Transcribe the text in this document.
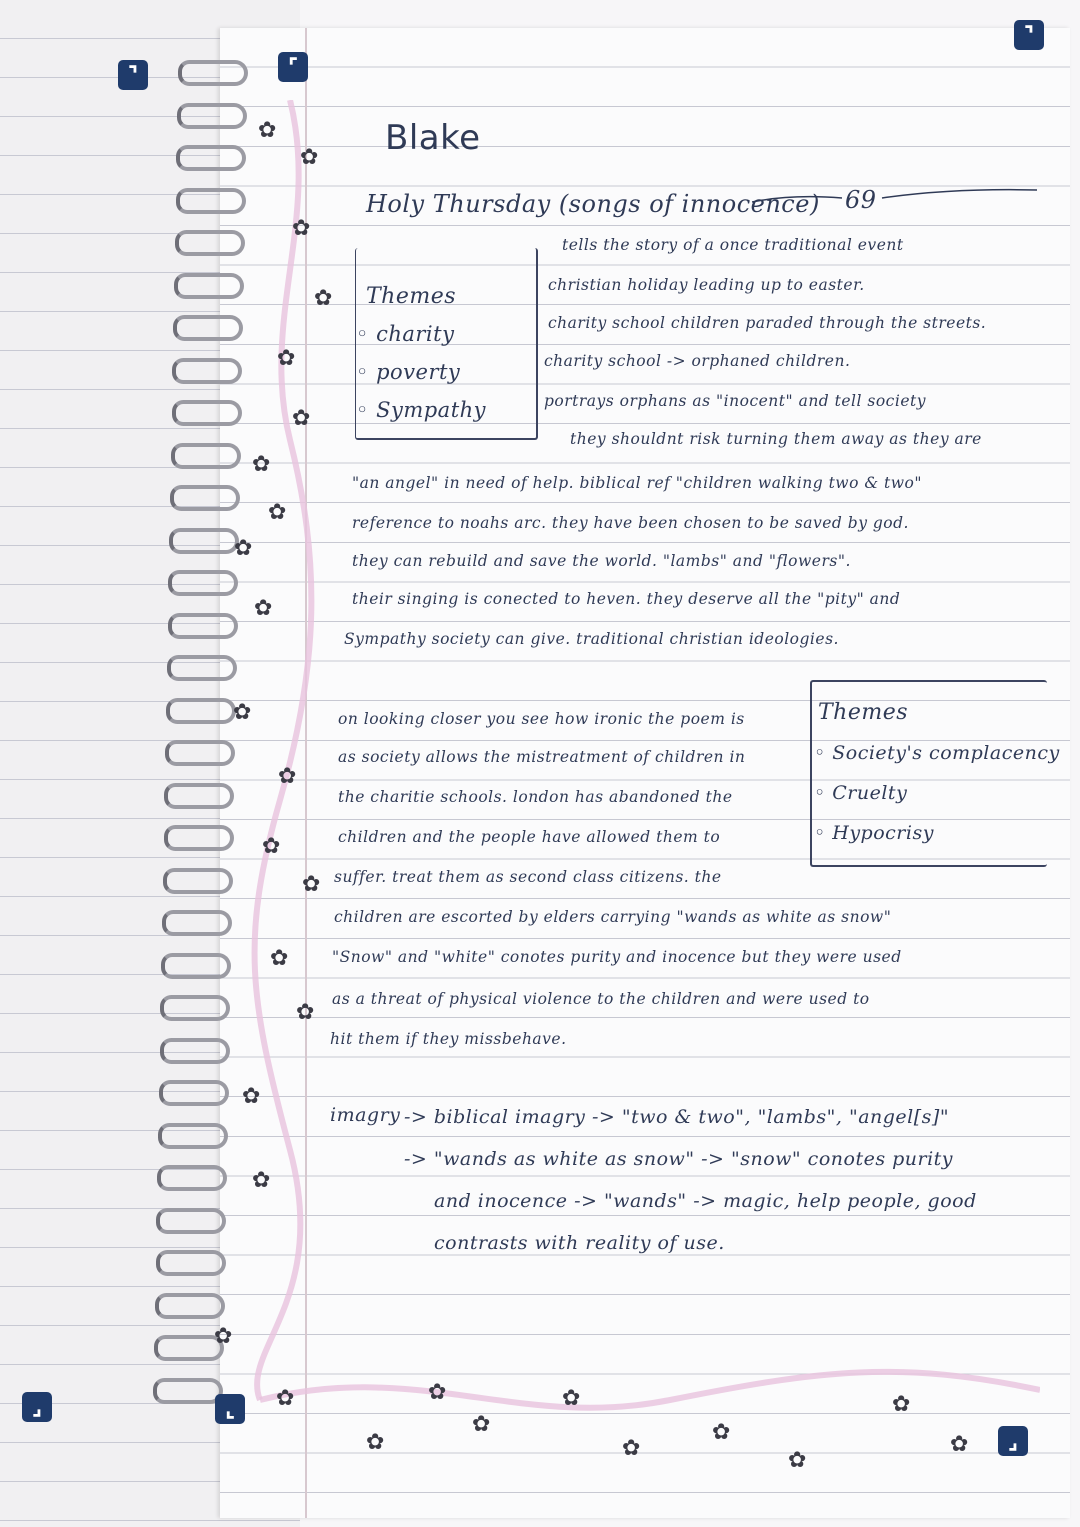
⌝	⌜
⌝
⌟	⌞
⌟
✿
✿
✿
✿
✿
✿
✿
✿
✿
✿
✿
✿
✿
✿
✿
✿
✿
✿
✿
✿
✿
✿
✿
✿
✿
✿
✿
✿
✿
Blake
Holy Thursday (songs of innocence) 69
Themes
◦ charity
◦ poverty
◦ Sympathy
tells the story of a once traditional event
christian holiday leading up to easter.
charity school children paraded through the streets.
charity school -> orphaned children.
portrays orphans as "inocent" and tell society
they shouldnt risk turning them away as they are
"an angel" in need of help. biblical ref "children walking two & two"
reference to noahs arc. they have been chosen to be saved by god.
they can rebuild and save the world. "lambs" and "flowers".
their singing is conected to heven. they deserve all the "pity" and
Sympathy society can give. traditional christian ideologies.
Themes
◦ Society's complacency
◦ Cruelty
◦ Hypocrisy
on looking closer you see how ironic the poem is
as society allows the mistreatment of children in
the charitie schools. london has abandoned the
children and the people have allowed them to
suffer. treat them as second class citizens. the
children are escorted by elders carrying "wands as white as snow"
"Snow" and "white" conotes purity and inocence but they were used
as a threat of physical violence to the children and were used to
hit them if they missbehave.
imagry -> biblical imagry -> "two & two", "lambs", "angel[s]"
-> "wands as white as snow" -> "snow" conotes purity
and inocence -> "wands" -> magic, help people, good
contrasts with reality of use.
